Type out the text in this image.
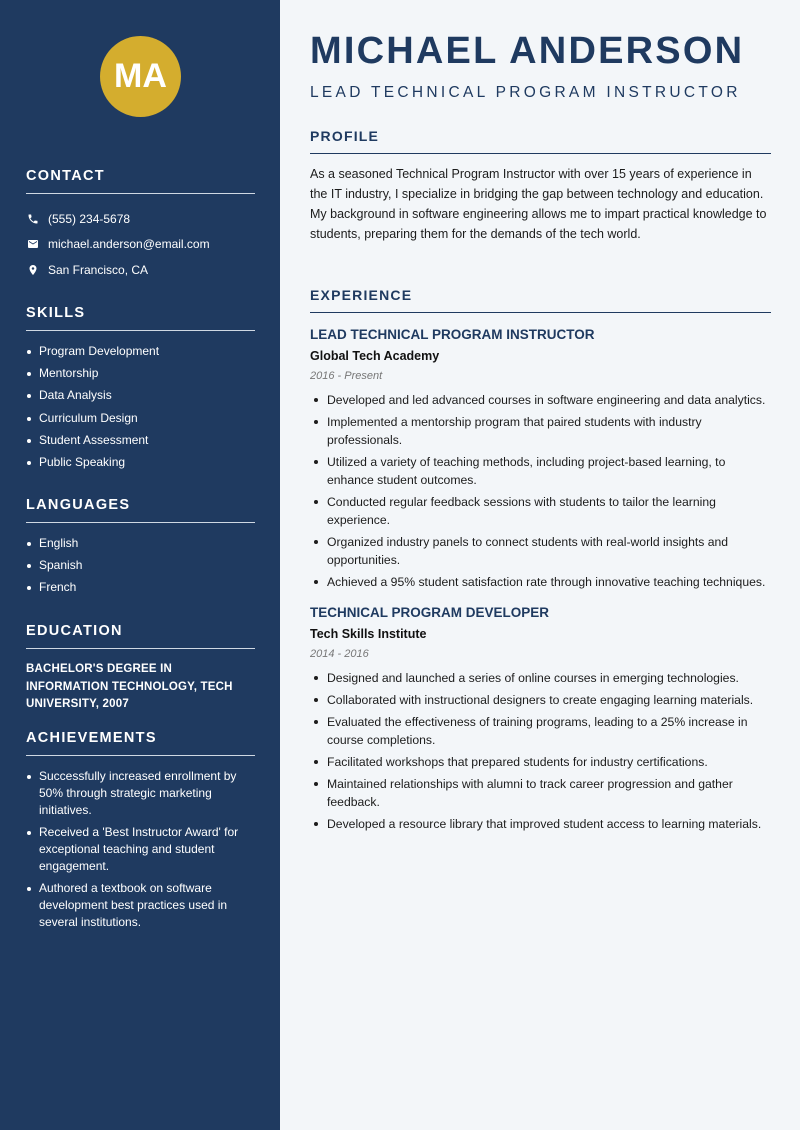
MA
CONTACT
(555) 234-5678
michael.anderson@email.com
San Francisco, CA
SKILLS
Program Development
Mentorship
Data Analysis
Curriculum Design
Student Assessment
Public Speaking
LANGUAGES
English
Spanish
French
EDUCATION
BACHELOR'S DEGREE IN INFORMATION TECHNOLOGY, TECH UNIVERSITY, 2007
ACHIEVEMENTS
Successfully increased enrollment by 50% through strategic marketing initiatives.
Received a 'Best Instructor Award' for exceptional teaching and student engagement.
Authored a textbook on software development best practices used in several institutions.
MICHAEL ANDERSON
LEAD TECHNICAL PROGRAM INSTRUCTOR
PROFILE
As a seasoned Technical Program Instructor with over 15 years of experience in the IT industry, I specialize in bridging the gap between technology and education. My background in software engineering allows me to impart practical knowledge to students, preparing them for the demands of the tech world.
EXPERIENCE
LEAD TECHNICAL PROGRAM INSTRUCTOR
Global Tech Academy
2016 - Present
Developed and led advanced courses in software engineering and data analytics.
Implemented a mentorship program that paired students with industry professionals.
Utilized a variety of teaching methods, including project-based learning, to enhance student outcomes.
Conducted regular feedback sessions with students to tailor the learning experience.
Organized industry panels to connect students with real-world insights and opportunities.
Achieved a 95% student satisfaction rate through innovative teaching techniques.
TECHNICAL PROGRAM DEVELOPER
Tech Skills Institute
2014 - 2016
Designed and launched a series of online courses in emerging technologies.
Collaborated with instructional designers to create engaging learning materials.
Evaluated the effectiveness of training programs, leading to a 25% increase in course completions.
Facilitated workshops that prepared students for industry certifications.
Maintained relationships with alumni to track career progression and gather feedback.
Developed a resource library that improved student access to learning materials.
